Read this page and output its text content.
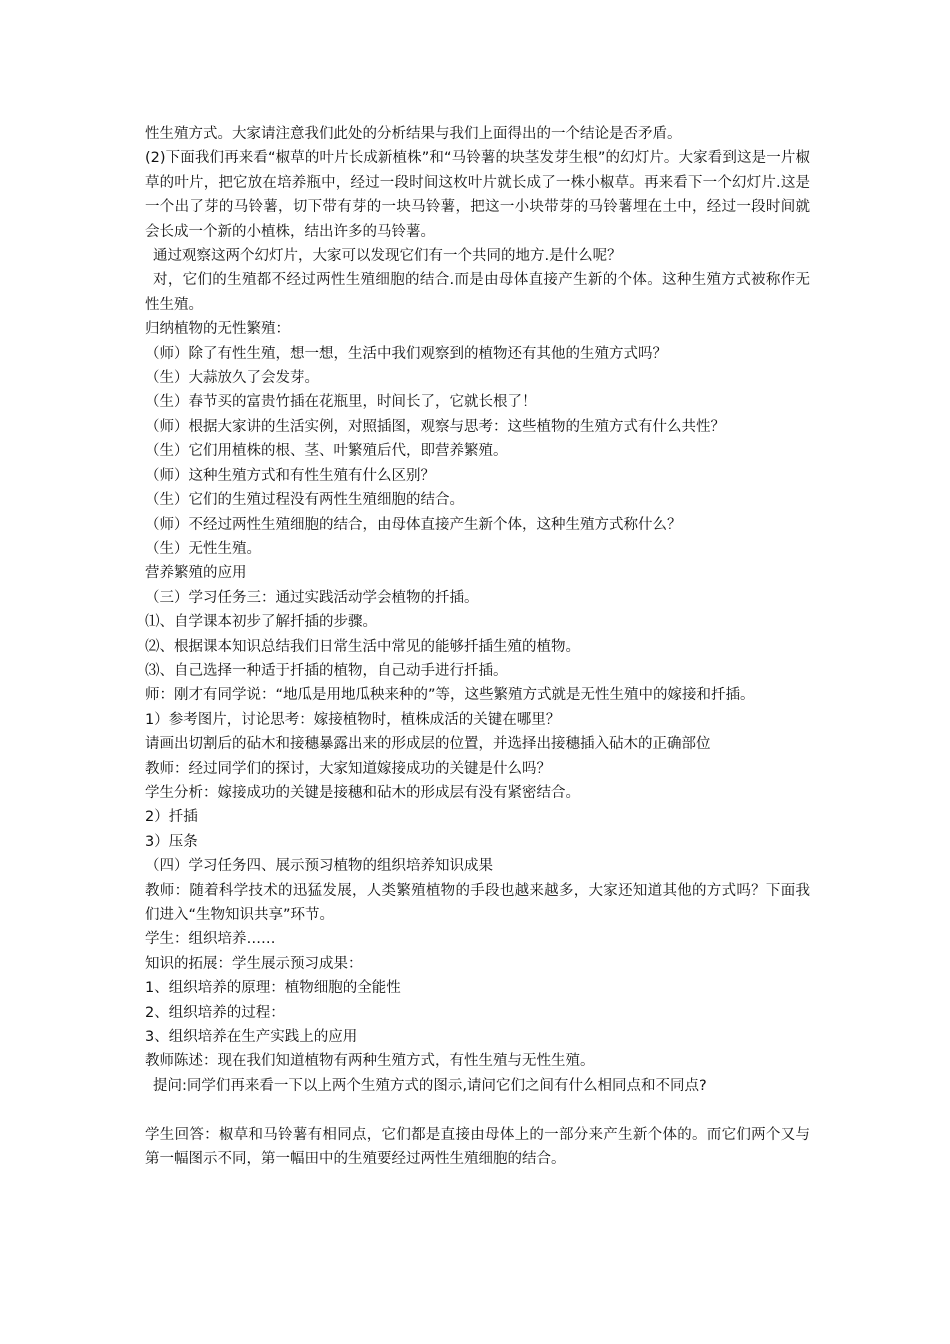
性生殖方式。大家请注意我们此处的分析结果与我们上面得出的一个结论是否矛盾。

(2)下面我们再来看“椒草的叶片长成新植株”和“马铃薯的块茎发芽生根”的幻灯片。大家看到这是一片椒草的叶片，把它放在培养瓶中，经过一段时间这枚叶片就长成了一株小椒草。再来看下一个幻灯片.这是一个出了芽的马铃薯，切下带有芽的一块马铃薯，把这一小块带芽的马铃薯埋在土中，经过一段时间就会长成一个新的小植株，结出许多的马铃薯。

通过观察这两个幻灯片，大家可以发现它们有一个共同的地方.是什么呢？

对，它们的生殖都不经过两性生殖细胞的结合.而是由母体直接产生新的个体。这种生殖方式被称作无性生殖。

归纳植物的无性繁殖：

（师）除了有性生殖，想一想，生活中我们观察到的植物还有其他的生殖方式吗？

（生）大蒜放久了会发芽。

（生）春节买的富贵竹插在花瓶里，时间长了，它就长根了！

（师）根据大家讲的生活实例，对照插图，观察与思考：这些植物的生殖方式有什么共性？

（生）它们用植株的根、茎、叶繁殖后代，即营养繁殖。

（师）这种生殖方式和有性生殖有什么区别？

（生）它们的生殖过程没有两性生殖细胞的结合。

（师）不经过两性生殖细胞的结合，由母体直接产生新个体，这种生殖方式称什么？

（生）无性生殖。

营养繁殖的应用

（三）学习任务三：通过实践活动学会植物的扦插。

⑴、自学课本初步了解扦插的步骤。

⑵、根据课本知识总结我们日常生活中常见的能够扦插生殖的植物。

⑶、自己选择一种适于扦插的植物，自己动手进行扦插。

师：刚才有同学说：“地瓜是用地瓜秧来种的”等，这些繁殖方式就是无性生殖中的嫁接和扦插。

1）参考图片，讨论思考：嫁接植物时，植株成活的关键在哪里？

请画出切割后的砧木和接穗暴露出来的形成层的位置，并选择出接穗插入砧木的正确部位

教师：经过同学们的探讨，大家知道嫁接成功的关键是什么吗？

学生分析：嫁接成功的关键是接穗和砧木的形成层有没有紧密结合。

2）扦插

3）压条

（四）学习任务四、展示预习植物的组织培养知识成果

教师：随着科学技术的迅猛发展，人类繁殖植物的手段也越来越多，大家还知道其他的方式吗？下面我们进入“生物知识共享”环节。

学生：组织培养……

知识的拓展：学生展示预习成果：

1、组织培养的原理：植物细胞的全能性

2、组织培养的过程：

3、组织培养在生产实践上的应用

教师陈述：现在我们知道植物有两种生殖方式，有性生殖与无性生殖。

提问:同学们再来看一下以上两个生殖方式的图示,请问它们之间有什么相同点和不同点?

学生回答：椒草和马铃薯有相同点，它们都是直接由母体上的一部分来产生新个体的。而它们两个又与第一幅图示不同，第一幅田中的生殖要经过两性生殖细胞的结合。
